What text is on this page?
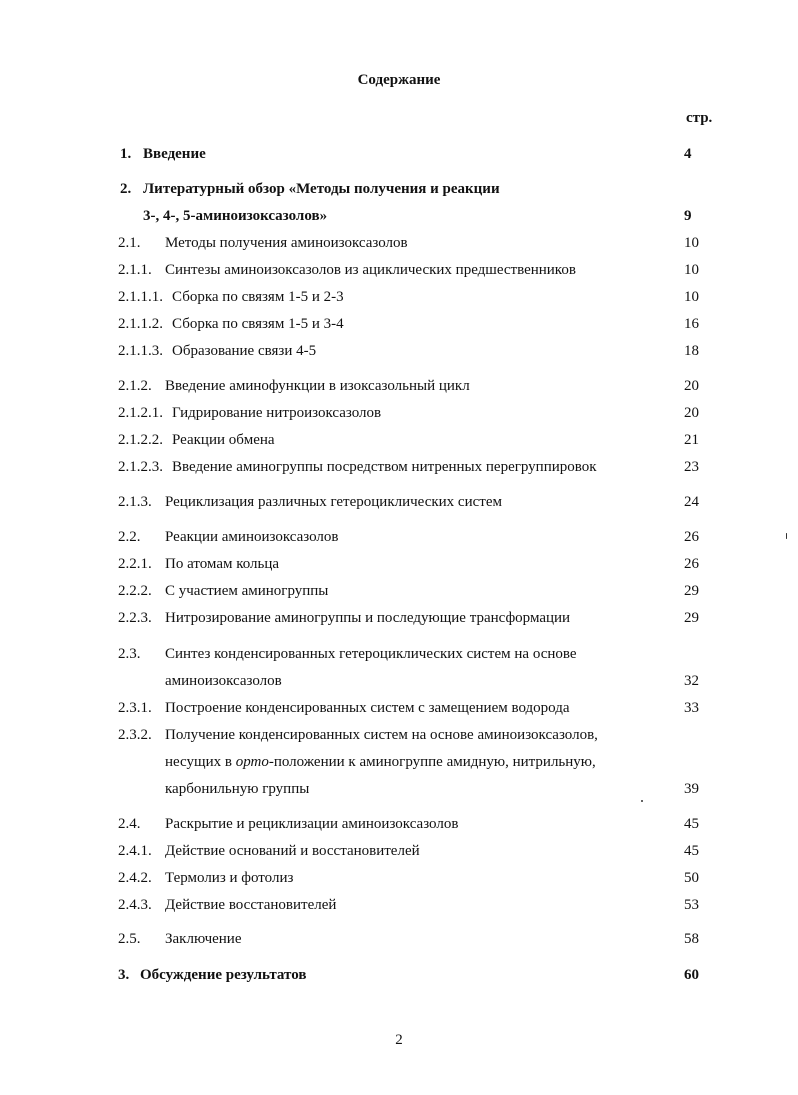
Содержание
стр.
1. Введение	4
2. Литературный обзор «Методы получения и реакции
3-, 4-, 5-аминоизоксазолов»	9
2.1. Методы получения аминоизоксазолов	10
2.1.1. Синтезы аминоизоксазолов из ациклических предшественников	10
2.1.1.1. Сборка по связям 1-5 и 2-3	10
2.1.1.2. Сборка по связям 1-5 и 3-4	16
2.1.1.3. Образование связи 4-5	18
2.1.2. Введение аминофункции в изоксазольный цикл	20
2.1.2.1. Гидрирование нитроизоксазолов	20
2.1.2.2. Реакции обмена	21
2.1.2.3. Введение аминогруппы посредством нитренных перегруппировок	23
2.1.3. Рециклизация различных гетероциклических систем	24
2.2. Реакции аминоизоксазолов	26
2.2.1. По атомам кольца	26
2.2.2. С участием аминогруппы	29
2.2.3. Нитрозирование аминогруппы и последующие трансформации	29
2.3. Синтез конденсированных гетероциклических систем на основе
аминоизоксазолов	32
2.3.1. Построение конденсированных систем с замещением водорода	33
2.3.2. Получение конденсированных систем на основе аминоизоксазолов,
несущих в орто-положении к аминогруппе амидную, нитрильную,
карбонильную группы	39
2.4. Раскрытие и рециклизации аминоизоксазолов	45
2.4.1. Действие оснований и восстановителей	45
2.4.2. Термолиз и фотолиз	50
2.4.3. Действие восстановителей	53
2.5. Заключение	58
3. Обсуждение результатов	60
2
